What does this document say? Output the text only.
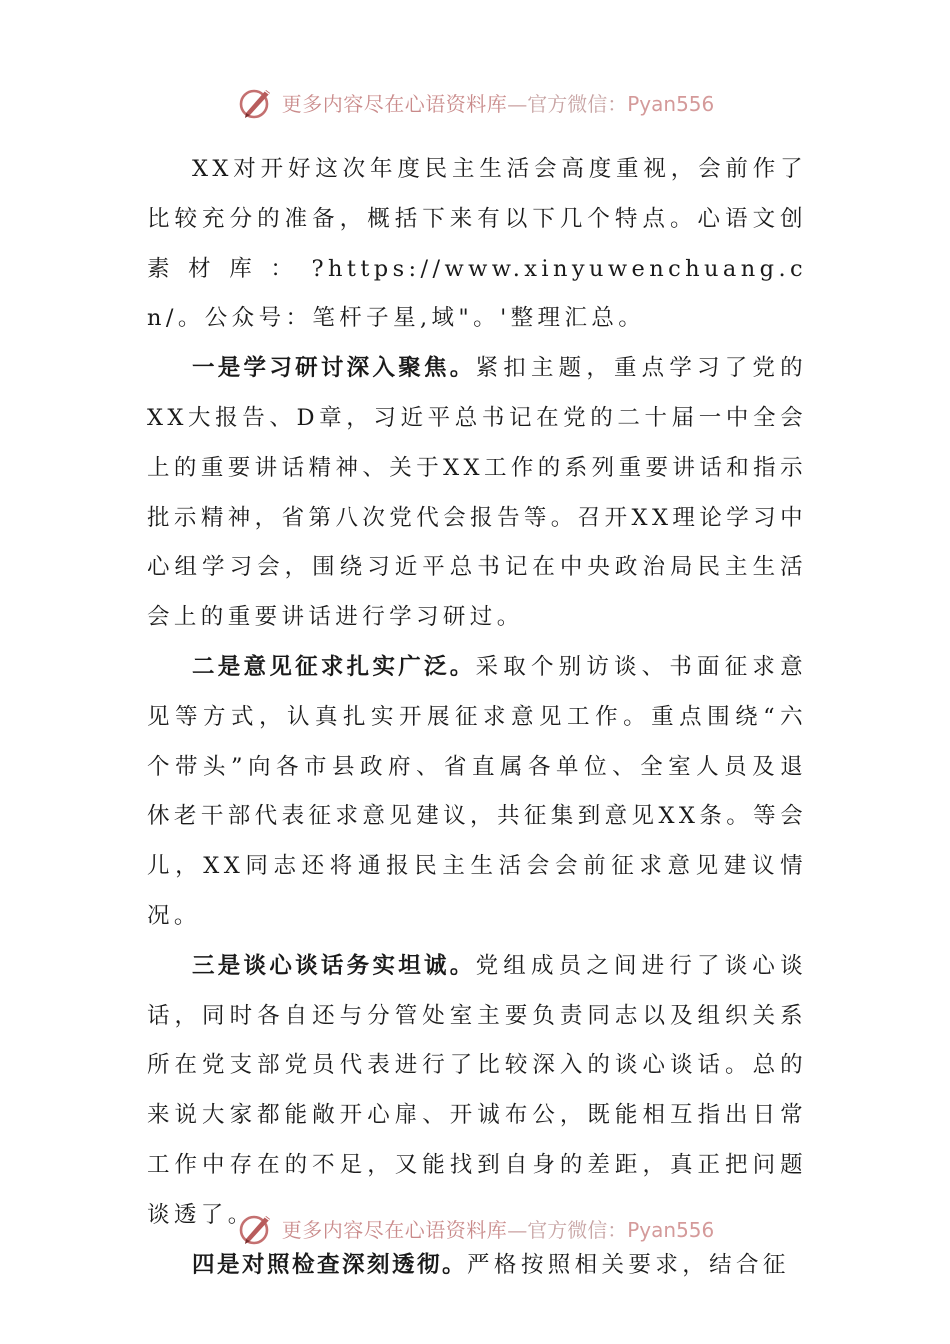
更多内容尽在心语资料库—官方微信：Pyan556

XX对开好这次年度民主生活会高度重视，会前作了比较充分的准备，概括下来有以下几个特点。心语文创素材库：?https://www.xinyuwenchuang.cn/。公众号：笔杆子星,域"。'整理汇总。

一是学习研讨深入聚焦。紧扣主题，重点学习了党的XX大报告、D章，习近平总书记在党的二十届一中全会上的重要讲话精神、关于XX工作的系列重要讲话和指示批示精神，省第八次党代会报告等。召开XX理论学习中心组学习会，围绕习近平总书记在中央政治局民主生活会上的重要讲话进行学习研过。

二是意见征求扎实广泛。采取个别访谈、书面征求意见等方式，认真扎实开展征求意见工作。重点围绕“六个带头”向各市县政府、省直属各单位、全室人员及退休老干部代表征求意见建议，共征集到意见XX条。等会儿，XX同志还将通报民主生活会会前征求意见建议情况。

三是谈心谈话务实坦诚。党组成员之间进行了谈心谈话，同时各自还与分管处室主要负责同志以及组织关系所在党支部党员代表进行了比较深入的谈心谈话。总的来说大家都能敞开心扉、开诚布公，既能相互指出日常工作中存在的不足，又能找到自身的差距，真正把问题谈透了。

四是对照检查深刻透彻。严格按照相关要求，结合征

更多内容尽在心语资料库—官方微信：Pyan556
